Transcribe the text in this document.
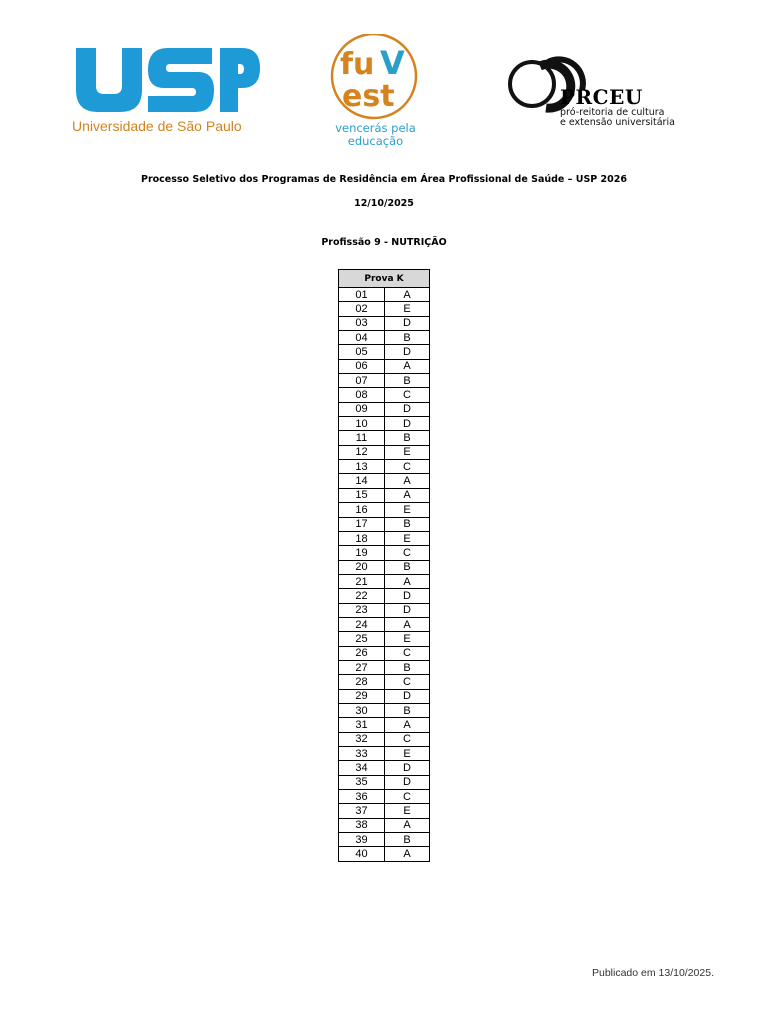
Universidade de São Paulo
fu V
est
vencerás pela
educação
PRCEU
pró-reitoria de cultura
e extensão universitária
Processo Seletivo dos Programas de Residência em Área Profissional de Saúde – USP 2026
12/10/2025
Profissão 9 - NUTRIÇÃO
Prova K	
01	A
02	E
03	D
04	B
05	D
06	A
07	B
08	C
09	D
10	D
11	B
12	E
13	C
14	A
15	A
16	E
17	B
18	E
19	C
20	B
21	A
22	D
23	D
24	A
25	E
26	C
27	B
28	C
29	D
30	B
31	A
32	C
33	E
34	D
35	D
36	C
37	E
38	A
39	B
40	A
Publicado em 13/10/2025.
